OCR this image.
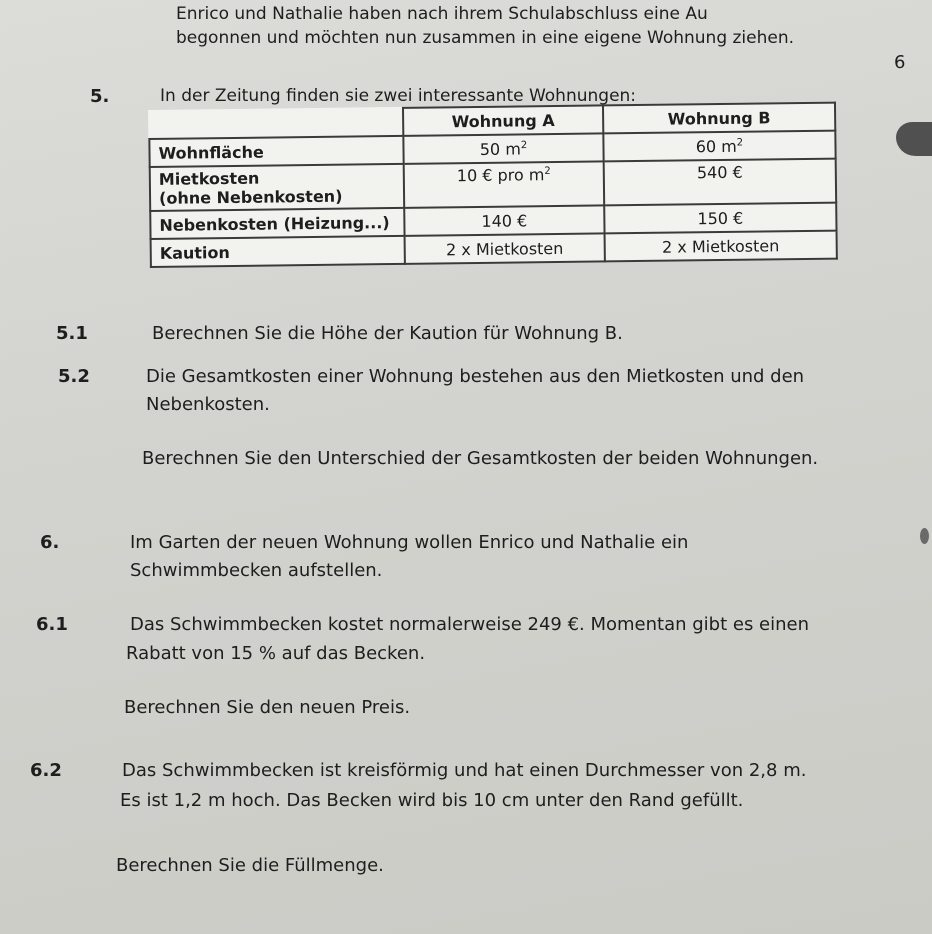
Enrico und Nathalie haben nach ihrem Schulabschluss eine Au
begonnen und möchten nun zusammen in eine eigene Wohnung ziehen.
6
5.	In der Zeitung finden sie zwei interessante Wohnungen:
	Wohnung A	Wohnung B
Wohnfläche	50 $m^2$	60 $m^2$
Mietkosten
(ohne Nebenkosten)	10 € pro $m^2$	540 €
Nebenkosten (Heizung...)	140 €	150 €
Kaution	2 x Mietkosten	2 x Mietkosten
5.1	Berechnen Sie die Höhe der Kaution für Wohnung B.
5.2	Die Gesamtkosten einer Wohnung bestehen aus den Mietkosten und den
Nebenkosten.
Berechnen Sie den Unterschied der Gesamtkosten der beiden Wohnungen.
6.	Im Garten der neuen Wohnung wollen Enrico und Nathalie ein
Schwimmbecken aufstellen.
6.1	Das Schwimmbecken kostet normalerweise 249 €. Momentan gibt es einen
Rabatt von 15 % auf das Becken.
Berechnen Sie den neuen Preis.
6.2	Das Schwimmbecken ist kreisförmig und hat einen Durchmesser von 2,8 m.
Es ist 1,2 m hoch. Das Becken wird bis 10 cm unter den Rand gefüllt.
Berechnen Sie die Füllmenge.
